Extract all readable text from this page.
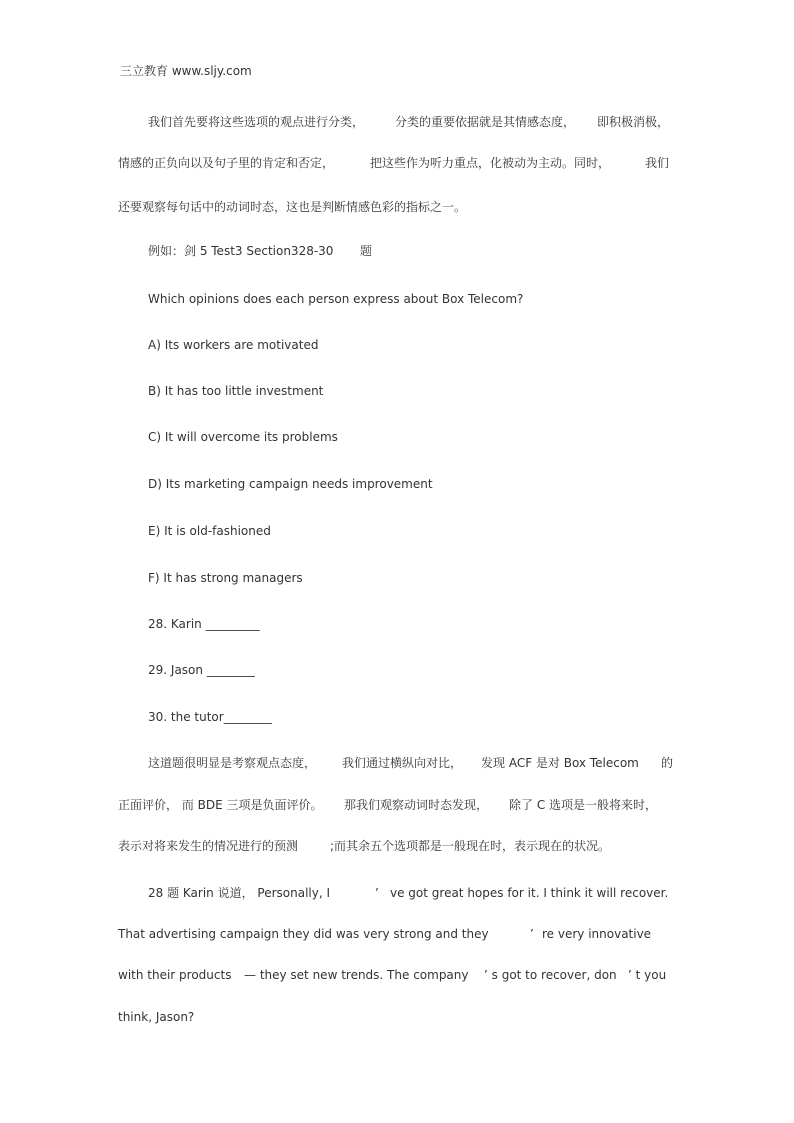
三立教育 www.sljy.com
我们首先要将这些选项的观点进行分类，	分类的重要依据就是其情感态度， 即积极消极，
情感的正负向以及句子里的肯定和否定，	把这些作为听力重点，化被动为主动。同时，	我们
还要观察每句话中的动词时态，这也是判断情感色彩的指标之一。
例如：剑 5 Test3 Section328-30 题
Which opinions does each person express about Box Telecom?
A) Its workers are motivated
B) It has too little investment
C) It will overcome its problems
D) Its marketing campaign needs improvement
E) It is old-fashioned
F) It has strong managers
28. Karin _________
29. Jason ________
30. the tutor________
这道题很明显是考察观点态度， 我们通过横纵向对比， 发现 ACF 是对 Box Telecom 的
正面评价， 而 BDE 三项是负面评价。 那我们观察动词时态发现， 除了 C 选项是一般将来时，
表示对将来发生的情况进行的预测	;而其余五个选项都是一般现在时，表示现在的状况。
28 题 Karin 说道， Personally, I	’ ve got great hopes for it. I think it will recover.
That advertising campaign they did was very strong and they	’ re very innovative
with their products — they set new trends. The company ’ s got to recover, don ’ t you
think, Jason?
